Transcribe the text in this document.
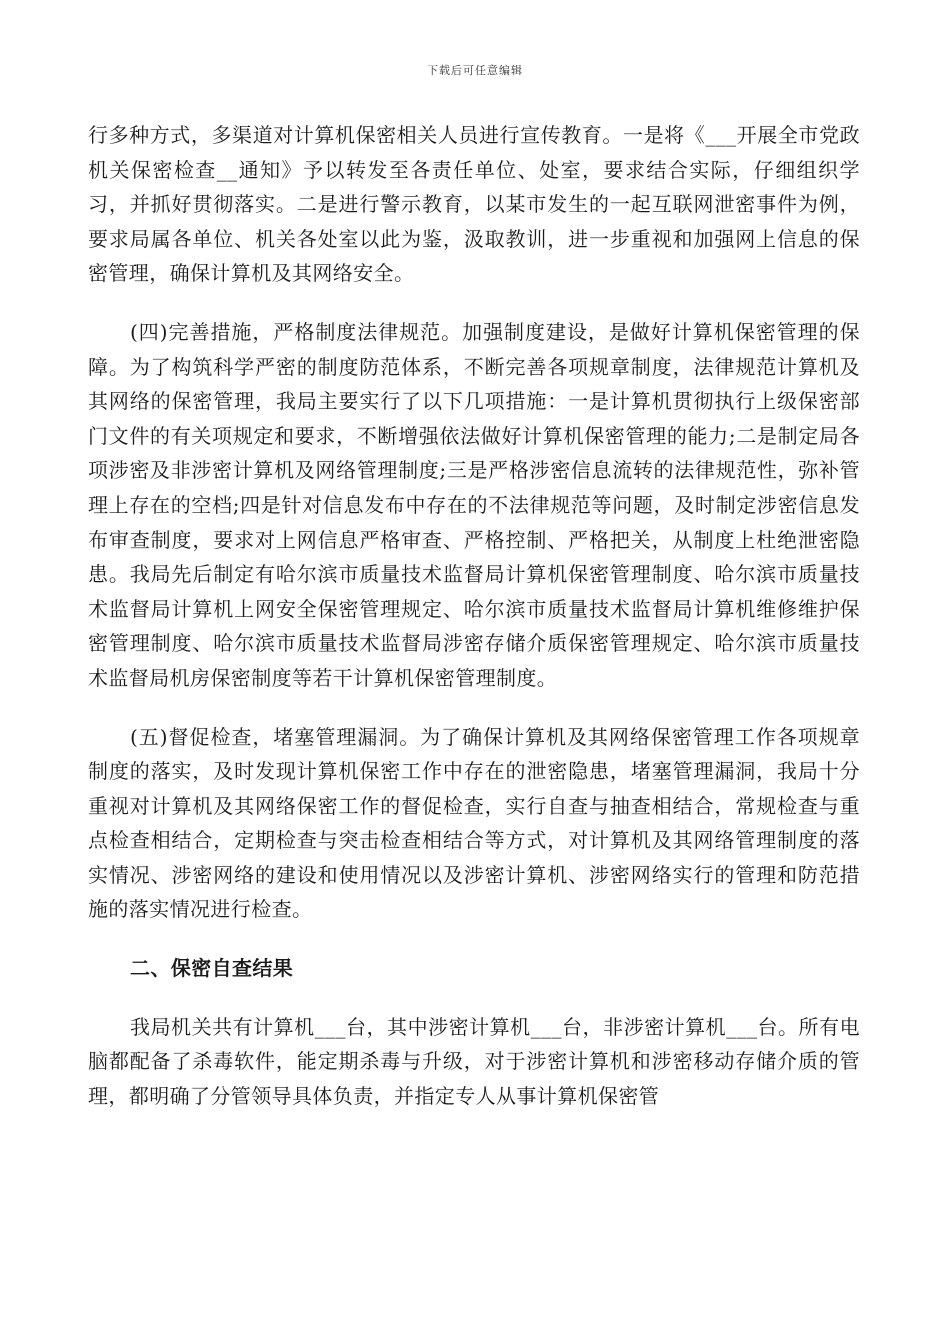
下载后可任意编辑

行多种方式，多渠道对计算机保密相关人员进行宣传教育。一是将《___开展全市党政机关保密检查__通知》予以转发至各责任单位、处室，要求结合实际，仔细组织学习，并抓好贯彻落实。二是进行警示教育，以某市发生的一起互联网泄密事件为例，要求局属各单位、机关各处室以此为鉴，汲取教训，进一步重视和加强网上信息的保密管理，确保计算机及其网络安全。

(四)完善措施，严格制度法律规范。加强制度建设，是做好计算机保密管理的保障。为了构筑科学严密的制度防范体系，不断完善各项规章制度，法律规范计算机及其网络的保密管理，我局主要实行了以下几项措施：一是计算机贯彻执行上级保密部门文件的有关项规定和要求，不断增强依法做好计算机保密管理的能力;二是制定局各项涉密及非涉密计算机及网络管理制度;三是严格涉密信息流转的法律规范性，弥补管理上存在的空档;四是针对信息发布中存在的不法律规范等问题，及时制定涉密信息发布审查制度，要求对上网信息严格审查、严格控制、严格把关，从制度上杜绝泄密隐患。我局先后制定有哈尔滨市质量技术监督局计算机保密管理制度、哈尔滨市质量技术监督局计算机上网安全保密管理规定、哈尔滨市质量技术监督局计算机维修维护保密管理制度、哈尔滨市质量技术监督局涉密存储介质保密管理规定、哈尔滨市质量技术监督局机房保密制度等若干计算机保密管理制度。

(五)督促检查，堵塞管理漏洞。为了确保计算机及其网络保密管理工作各项规章制度的落实，及时发现计算机保密工作中存在的泄密隐患，堵塞管理漏洞，我局十分重视对计算机及其网络保密工作的督促检查，实行自查与抽查相结合，常规检查与重点检查相结合，定期检查与突击检查相结合等方式，对计算机及其网络管理制度的落实情况、涉密网络的建设和使用情况以及涉密计算机、涉密网络实行的管理和防范措施的落实情况进行检查。

二、保密自查结果

我局机关共有计算机___台，其中涉密计算机___台，非涉密计算机___台。所有电脑都配备了杀毒软件，能定期杀毒与升级，对于涉密计算机和涉密移动存储介质的管理，都明确了分管领导具体负责，并指定专人从事计算机保密管
